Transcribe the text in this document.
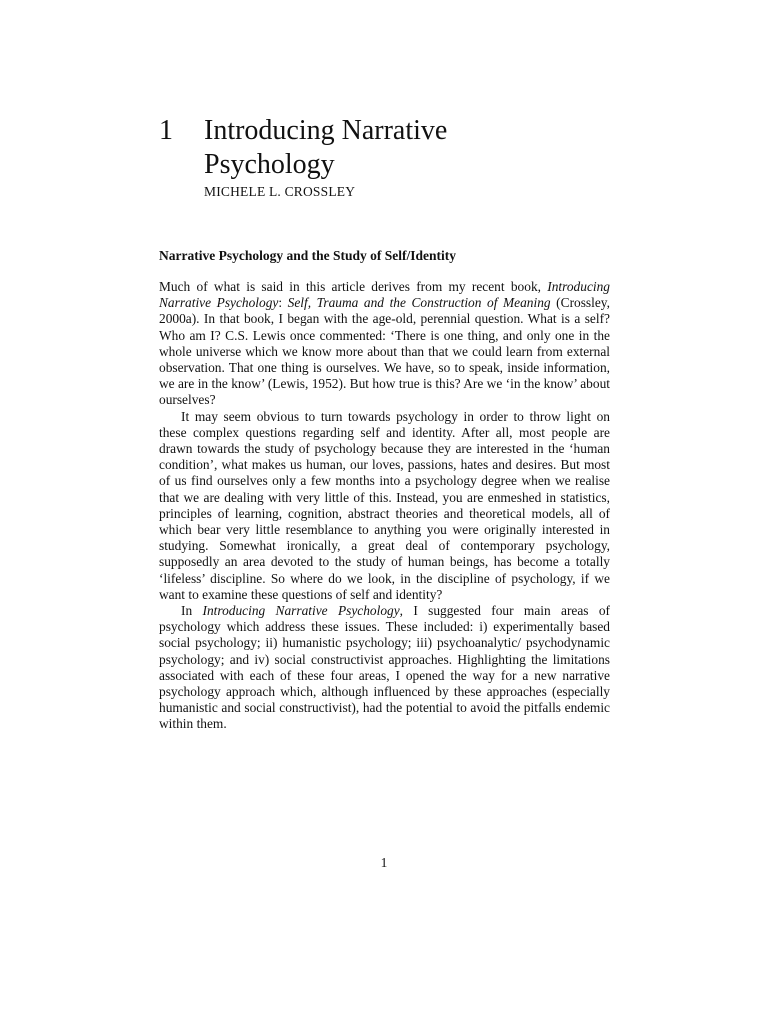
1 Introducing Narrative Psychology
MICHELE L. CROSSLEY
Narrative Psychology and the Study of Self/Identity

Much of what is said in this article derives from my recent book, Introducing Narrative Psychology: Self, Trauma and the Construction of Meaning (Crossley, 2000a). In that book, I began with the age-old, perennial question. What is a self? Who am I? C.S. Lewis once commented: ‘There is one thing, and only one in the whole universe which we know more about than that we could learn from external observation. That one thing is ourselves. We have, so to speak, inside information, we are in the know’ (Lewis, 1952). But how true is this? Are we ‘in the know’ about ourselves?

It may seem obvious to turn towards psychology in order to throw light on these complex questions regarding self and identity. After all, most people are drawn towards the study of psychology because they are interested in the ‘human condition’, what makes us human, our loves, passions, hates and desires. But most of us find ourselves only a few months into a psychology degree when we realise that we are dealing with very little of this. Instead, you are enmeshed in statistics, principles of learning, cognition, abstract theories and theoretical models, all of which bear very little resemblance to anything you were originally interested in studying. Somewhat ironically, a great deal of contemporary psychology, supposedly an area devoted to the study of human beings, has become a totally ‘lifeless’ discipline. So where do we look, in the discipline of psychology, if we want to examine these questions of self and identity?

In Introducing Narrative Psychology, I suggested four main areas of psychology which address these issues. These included: i) experimentally based social psychology; ii) humanistic psychology; iii) psychoanalytic/ psychodynamic psychology; and iv) social constructivist approaches. Highlighting the limitations associated with each of these four areas, I opened the way for a new narrative psychology approach which, although influenced by these approaches (especially humanistic and social constructivist), had the potential to avoid the pitfalls endemic within them.

1
